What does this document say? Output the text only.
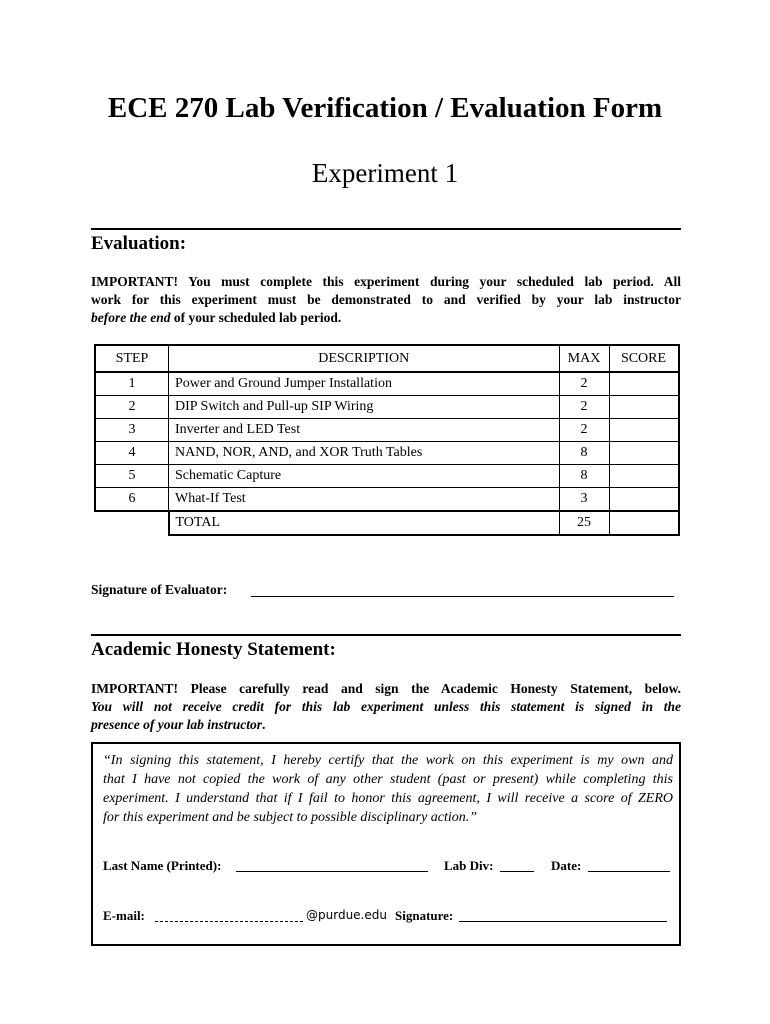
ECE 270 Lab Verification / Evaluation Form
Experiment 1
Evaluation:
IMPORTANT! You must complete this experiment during your scheduled lab period. All
work for this experiment must be demonstrated to and verified by your lab instructor
before the end of your scheduled lab period.
STEP	DESCRIPTION	MAX	SCORE
1	Power and Ground Jumper Installation	2	
2	DIP Switch and Pull-up SIP Wiring	2	
3	Inverter and LED Test	2	
4	NAND, NOR, AND, and XOR Truth Tables	8	
5	Schematic Capture	8	
6	What-If Test	3	
	TOTAL	25	
Signature of Evaluator:
Academic Honesty Statement:
IMPORTANT! Please carefully read and sign the Academic Honesty Statement, below.
You will not receive credit for this lab experiment unless this statement is signed in the
presence of your lab instructor.
“In signing this statement, I hereby certify that the work on this experiment is my own and
that I have not copied the work of any other student (past or present) while completing this
experiment. I understand that if I fail to honor this agreement, I will receive a score of ZERO
for this experiment and be subject to possible disciplinary action.”
Last Name (Printed):	Lab Div:	Date:
E-mail:	@purdue.edu Signature:
